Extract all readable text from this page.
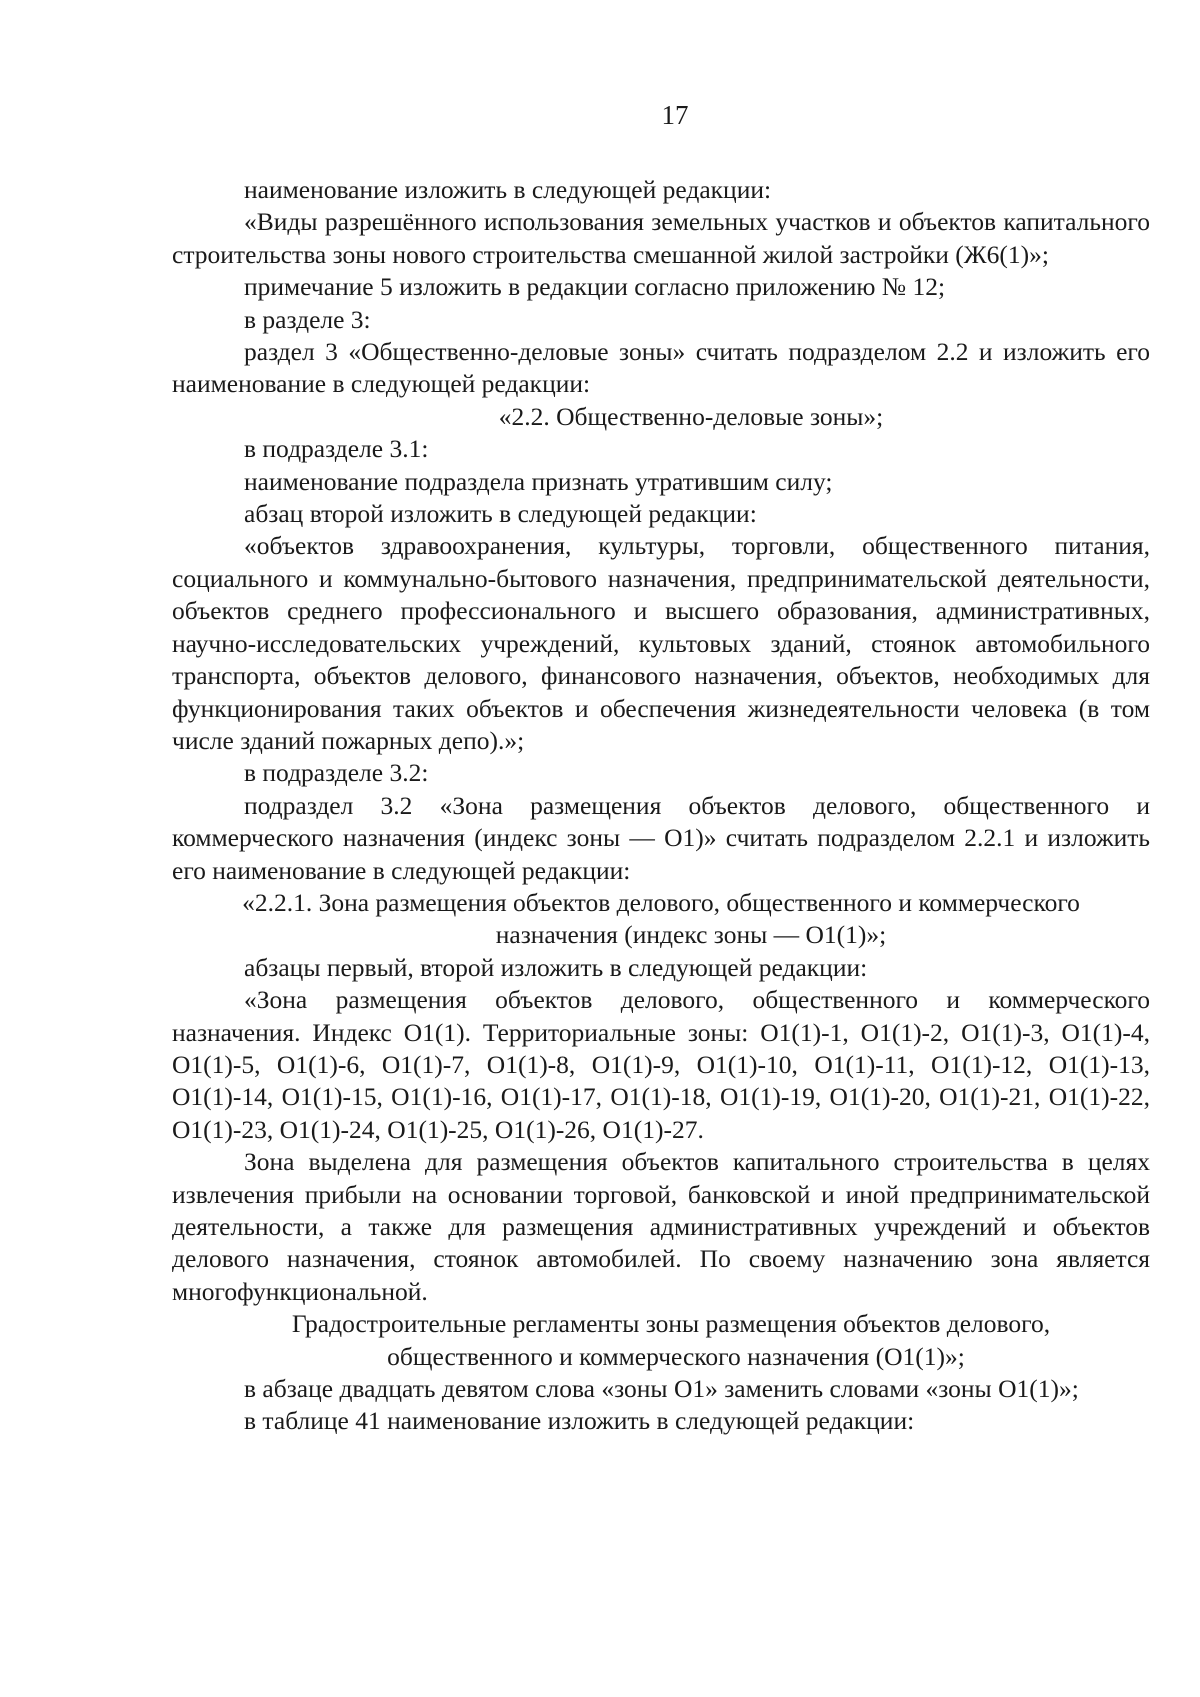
17

наименование изложить в следующей редакции:

«Виды разрешённого использования земельных участков и объектов капитального строительства зоны нового строительства смешанной жилой застройки (Ж6(1)»;

примечание 5 изложить в редакции согласно приложению № 12;

в разделе 3:

раздел 3 «Общественно-деловые зоны» считать подразделом 2.2 и изложить его наименование в следующей редакции:

«2.2. Общественно-деловые зоны»;

в подразделе 3.1:

наименование подраздела признать утратившим силу;

абзац второй изложить в следующей редакции:

«объектов здравоохранения, культуры, торговли, общественного питания, социального и коммунально-бытового назначения, предпринимательской деятельности, объектов среднего профессионального и высшего образования, административных, научно-исследовательских учреждений, культовых зданий, стоянок автомобильного транспорта, объектов делового, финансового назначения, объектов, необходимых для функционирования таких объектов и обеспечения жизнедеятельности человека (в том числе зданий пожарных депо).»;

в подразделе 3.2:

подраздел 3.2 «Зона размещения объектов делового, общественного и коммерческого назначения (индекс зоны — О1)» считать подразделом 2.2.1 и изложить его наименование в следующей редакции:

«2.2.1. Зона размещения объектов делового, общественного и коммерческого

назначения (индекс зоны — О1(1)»;

абзацы первый, второй изложить в следующей редакции:

«Зона размещения объектов делового, общественного и коммерческого назначения. Индекс О1(1). Территориальные зоны: О1(1)-1, О1(1)-2, О1(1)-3, О1(1)-4, О1(1)-5, О1(1)-6, О1(1)-7, О1(1)-8, О1(1)-9, О1(1)-10, О1(1)-11, О1(1)-12, О1(1)-13, О1(1)-14, О1(1)-15, О1(1)-16, О1(1)-17, О1(1)-18, О1(1)-19, О1(1)-20, О1(1)-21, О1(1)-22, О1(1)-23, О1(1)-24, О1(1)-25, О1(1)-26, О1(1)-27.

Зона выделена для размещения объектов капитального строительства в целях извлечения прибыли на основании торговой, банковской и иной предпринимательской деятельности, а также для размещения административных учреждений и объектов делового назначения, стоянок автомобилей. По своему назначению зона является многофункциональной.

Градостроительные регламенты зоны размещения объектов делового,

общественного и коммерческого назначения (О1(1)»;

в абзаце двадцать девятом слова «зоны О1» заменить словами «зоны О1(1)»;

в таблице 41 наименование изложить в следующей редакции:
